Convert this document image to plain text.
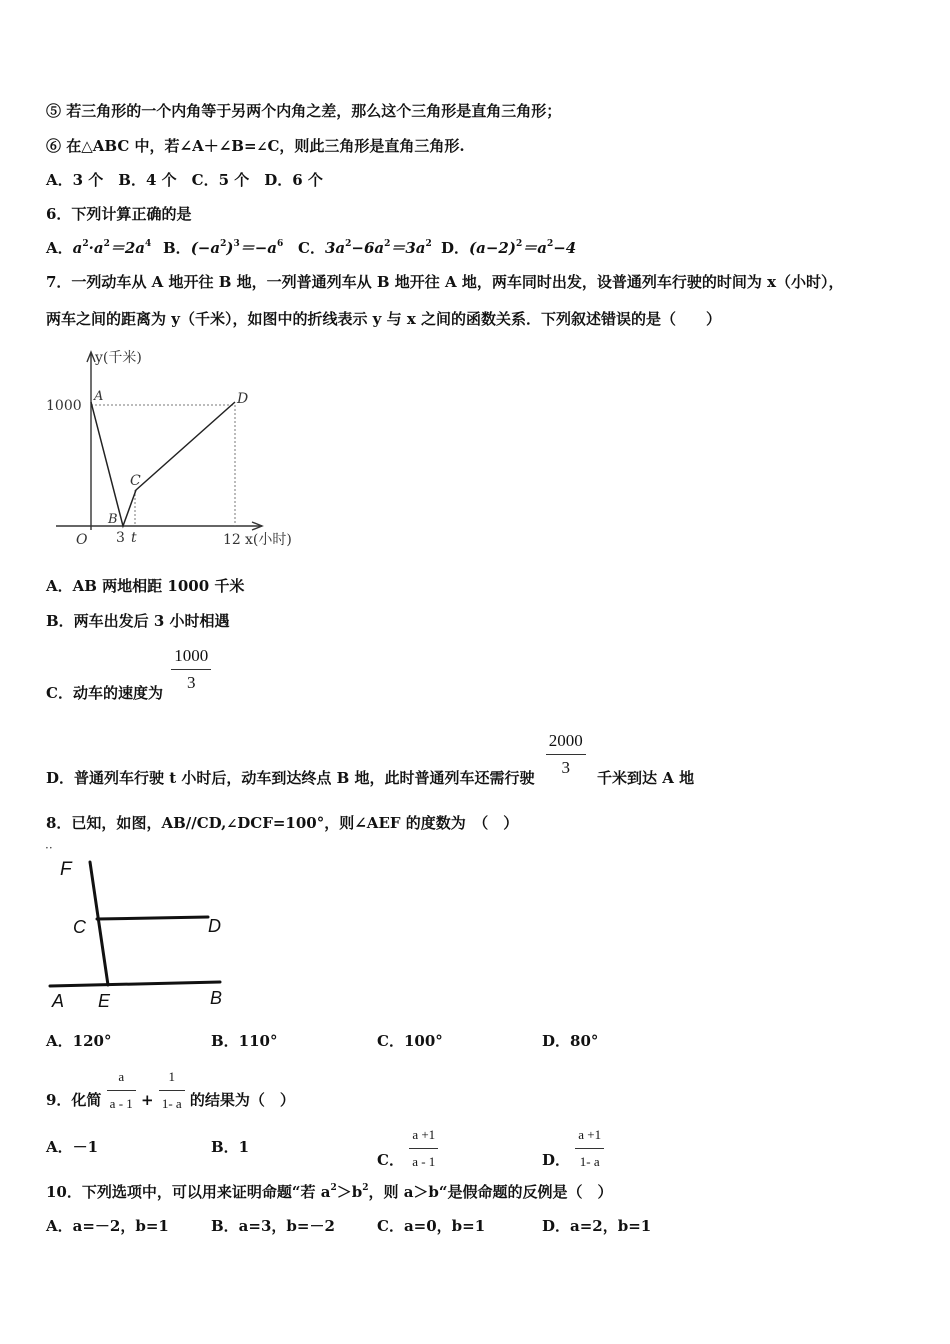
⑤ 若三角形的一个内角等于另两个内角之差，那么这个三角形是直角三角形；
⑥ 在△ABC 中，若∠A＋∠B=∠C，则此三角形是直角三角形.
A．3 个　B．4 个　C．5 个　D．6 个
6．下列计算正确的是
A．$a^2\cdot a^2=2a^4$ B．$(-a^2)^3=-a^6$ C．$3a^2-6a^2=3a^2$ D．$(a-2)^2=a^2-4$
7．一列动车从 A 地开往 B 地，一列普通列车从 B 地开往 A 地，两车同时出发，设普通列车行驶的时间为 x（小时），
两车之间的距离为 y（千米），如图中的折线表示 y 与 x 之间的函数关系．下列叙述错误的是（　　）
y(千米)
1000
A	D
C
B
O 3 t	12 x(小时)
A．AB 两地相距 1000 千米
B．两车出发后 3 小时相遇
C．动车的速度为 $\frac{1000}{3}$
D．普通列车行驶 t 小时后，动车到达终点 B 地，此时普通列车还需行驶 $\frac{2000}{3}$ 千米到达 A 地
8．已知，如图，AB//CD,∠DCF=100°，则∠AEF 的度数为　（　）
··
F
C	D
A E	B
A．120°	B．110°	C．100°	D．80°
9．化简 $\frac{a}{a - 1} + \frac{1}{1- a}$ 的结果为（　）
A．－1	B．1
C． $\frac{a +1}{a - 1}$	D． $\frac{a +1}{1- a}$
10．下列选项中，可以用来证明命题“若 $a^2>b^2$，则 a＞b“是假命题的反例是（　）
A．a=－2，b=1	B．a=3，b=－2	C．a=0，b=1	D．a=2，b=1
